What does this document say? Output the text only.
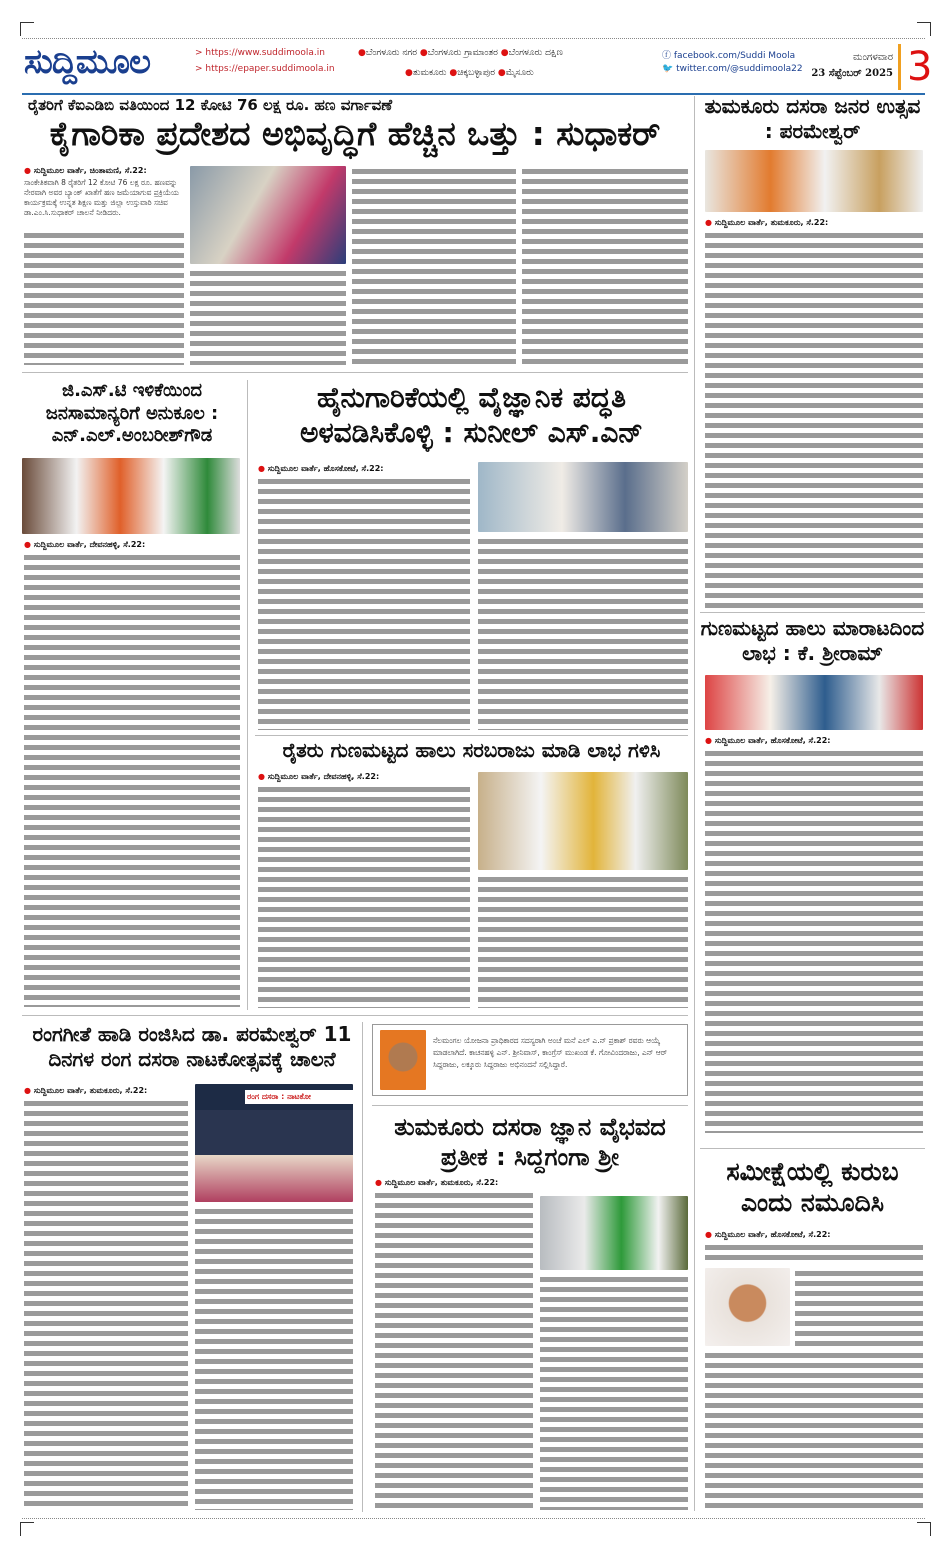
ಸುದ್ದಿಮೂಲ	> https://www.suddimoola.in
> https://epaper.suddimoola.in
●ಬೆಂಗಳೂರು ನಗರ ●ಬೆಂಗಳೂರು ಗ್ರಾಮಾಂತರ ●ಬೆಂಗಳೂರು ದಕ್ಷಿಣ
●ತುಮಕೂರು ●ಚಿಕ್ಕಬಳ್ಳಾಪುರ ●ಮೈಸೂರು
ⓕ facebook.com/Suddi Moola
🐦 twitter.com/@suddimoola22
ಮಂಗಳವಾರ
23 ಸೆಪ್ಟೆಂಬರ್ 2025 3
ರೈತರಿಗೆ ಕೆಐಎಡಿಬಿ ವತಿಯಿಂದ 12 ಕೋಟಿ 76 ಲಕ್ಷ ರೂ. ಹಣ ವರ್ಗಾವಣೆ
ಕೈಗಾರಿಕಾ ಪ್ರದೇಶದ ಅಭಿವೃದ್ಧಿಗೆ ಹೆಚ್ಚಿನ ಒತ್ತು : ಸುಧಾಕರ್
● ಸುದ್ದಿಮೂಲ ವಾರ್ತೆ, ಚಿಂತಾಮಣಿ, ಸೆ.22:
ಸಾಂಕೇತಿಕವಾಗಿ 8 ರೈತರಿಗೆ 12 ಕೋಟಿ 76 ಲಕ್ಷ ರೂ. ಹಣವನ್ನು ನೇರವಾಗಿ ಅವರ ಬ್ಯಾಂಕ್ ಖಾತೆಗೆ ಹಣ ಜಮೆಯಾಗುವ ಪ್ರಕ್ರಿಯೆಯ ಕಾರ್ಯಕ್ರಮಕ್ಕೆ ಉನ್ನತ ಶಿಕ್ಷಣ ಮತ್ತು ಜಿಲ್ಲಾ ಉಸ್ತುವಾರಿ ಸಚಿವ ಡಾ.ಎಂ.ಸಿ.ಸುಧಾಕರ್ ಚಾಲನೆ ನೀಡಿದರು.
ತುಮಕೂರು ದಸರಾ ಜನರ ಉತ್ಸವ : ಪರಮೇಶ್ವರ್
● ಸುದ್ದಿಮೂಲ ವಾರ್ತೆ, ತುಮಕೂರು, ಸೆ.22:
ಗುಣಮಟ್ಟದ ಹಾಲು ಮಾರಾಟದಿಂದ ಲಾಭ : ಕೆ. ಶ್ರೀರಾಮ್
● ಸುದ್ದಿಮೂಲ ವಾರ್ತೆ, ಹೊಸಕೋಟೆ, ಸೆ.22:
ಸಮೀಕ್ಷೆಯಲ್ಲಿ ಕುರುಬ ಎಂದು ನಮೂದಿಸಿ
● ಸುದ್ದಿಮೂಲ ವಾರ್ತೆ, ಹೊಸಕೋಟೆ, ಸೆ.22:
ಜಿ.ಎಸ್.ಟಿ ಇಳಿಕೆಯಿಂದ ಜನಸಾಮಾನ್ಯರಿಗೆ ಅನುಕೂಲ : ಎನ್.ಎಲ್.ಅಂಬರೀಶ್‌ಗೌಡ
● ಸುದ್ದಿಮೂಲ ವಾರ್ತೆ, ದೇವನಹಳ್ಳಿ, ಸೆ.22:
ಹೈನುಗಾರಿಕೆಯಲ್ಲಿ ವೈಜ್ಞಾನಿಕ ಪದ್ಧತಿ ಅಳವಡಿಸಿಕೊಳ್ಳಿ : ಸುನೀಲ್ ಎಸ್.ಎನ್
● ಸುದ್ದಿಮೂಲ ವಾರ್ತೆ, ಹೊಸಕೋಟೆ, ಸೆ.22:
ರೈತರು ಗುಣಮಟ್ಟದ ಹಾಲು ಸರಬರಾಜು ಮಾಡಿ ಲಾಭ ಗಳಿಸಿ
● ಸುದ್ದಿಮೂಲ ವಾರ್ತೆ, ದೇವನಹಳ್ಳಿ, ಸೆ.22:
ರಂಗಗೀತೆ ಹಾಡಿ ರಂಜಿಸಿದ ಡಾ. ಪರಮೇಶ್ವರ್ 11 ದಿನಗಳ ರಂಗ ದಸರಾ ನಾಟಕೋತ್ಸವಕ್ಕೆ ಚಾಲನೆ
● ಸುದ್ದಿಮೂಲ ವಾರ್ತೆ, ತುಮಕೂರು, ಸೆ.22:
ರಂಗ ದಸರಾ : ನಾಟಕೋ
ನೆಲಮಂಗಲ ಯೋಜನಾ ಪ್ರಾಧಿಕಾರದ ಸದಸ್ಯರಾಗಿ ಅಂಚೆ ಮನೆ ಎಲ್ ಎ.ನ್ ಪ್ರಕಾಶ್ ರವರು ಆಯ್ಕೆ ಮಾಡಲಾಗಿದೆ. ಕಾಚನಹಳ್ಳಿ ಎನ್. ಶ್ರೀನಿವಾಸ್, ಕಾಂಗ್ರೆಸ್ ಮುಖಂಡ ಕೆ. ಗೋವಿಂದರಾಜು, ಎನ್ ಆರ್ ಸಿದ್ದರಾಜು, ಲಕ್ಕೂರು ಸಿದ್ದರಾಜು ಅಭಿನಂದನೆ ಸಲ್ಲಿಸಿದ್ದಾರೆ.
ತುಮಕೂರು ದಸರಾ ಜ್ಞಾನ ವೈಭವದ ಪ್ರತೀಕ : ಸಿದ್ದಗಂಗಾ ಶ್ರೀ
● ಸುದ್ದಿಮೂಲ ವಾರ್ತೆ, ತುಮಕೂರು, ಸೆ.22:
